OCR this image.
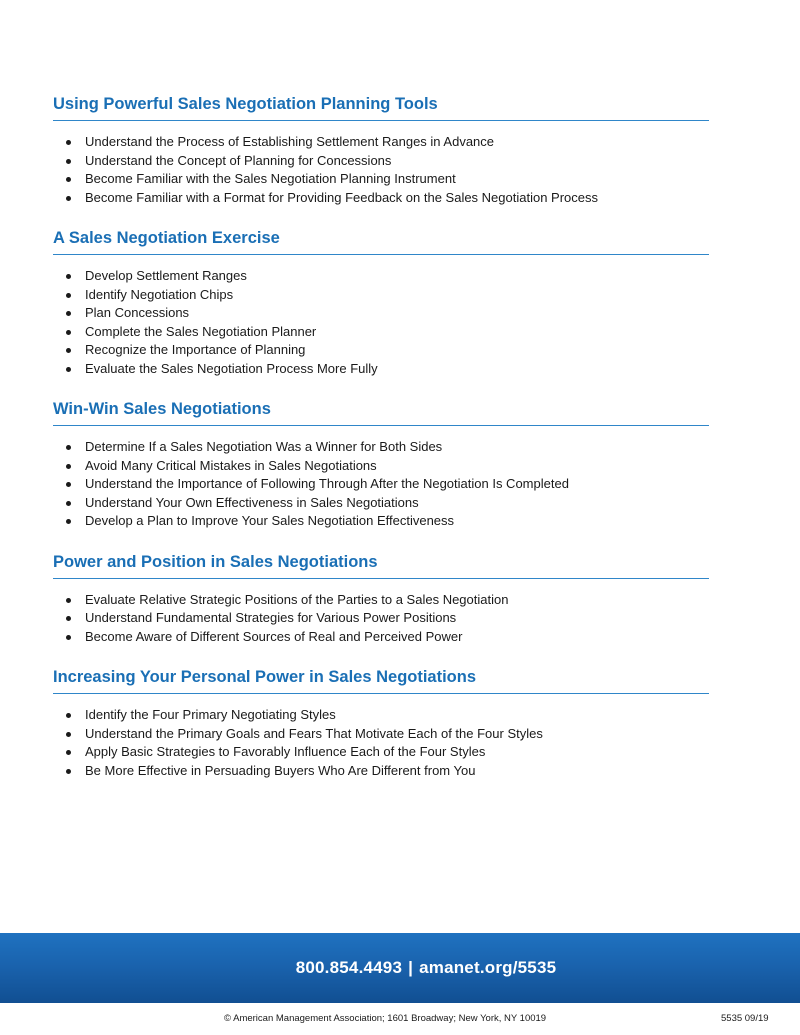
Using Powerful Sales Negotiation Planning Tools
Understand the Process of Establishing Settlement Ranges in Advance
Understand the Concept of Planning for Concessions
Become Familiar with the Sales Negotiation Planning Instrument
Become Familiar with a Format for Providing Feedback on the Sales Negotiation Process
A Sales Negotiation Exercise
Develop Settlement Ranges
Identify Negotiation Chips
Plan Concessions
Complete the Sales Negotiation Planner
Recognize the Importance of Planning
Evaluate the Sales Negotiation Process More Fully
Win-Win Sales Negotiations
Determine If a Sales Negotiation Was a Winner for Both Sides
Avoid Many Critical Mistakes in Sales Negotiations
Understand the Importance of Following Through After the Negotiation Is Completed
Understand Your Own Effectiveness in Sales Negotiations
Develop a Plan to Improve Your Sales Negotiation Effectiveness
Power and Position in Sales Negotiations
Evaluate Relative Strategic Positions of the Parties to a Sales Negotiation
Understand Fundamental Strategies for Various Power Positions
Become Aware of Different Sources of Real and Perceived Power
Increasing Your Personal Power in Sales Negotiations
Identify the Four Primary Negotiating Styles
Understand the Primary Goals and Fears That Motivate Each of the Four Styles
Apply Basic Strategies to Favorably Influence Each of the Four Styles
Be More Effective in Persuading Buyers Who Are Different from You
800.854.4493 | amanet.org/5535
© American Management Association; 1601 Broadway; New York, NY 10019	5535 09/19
